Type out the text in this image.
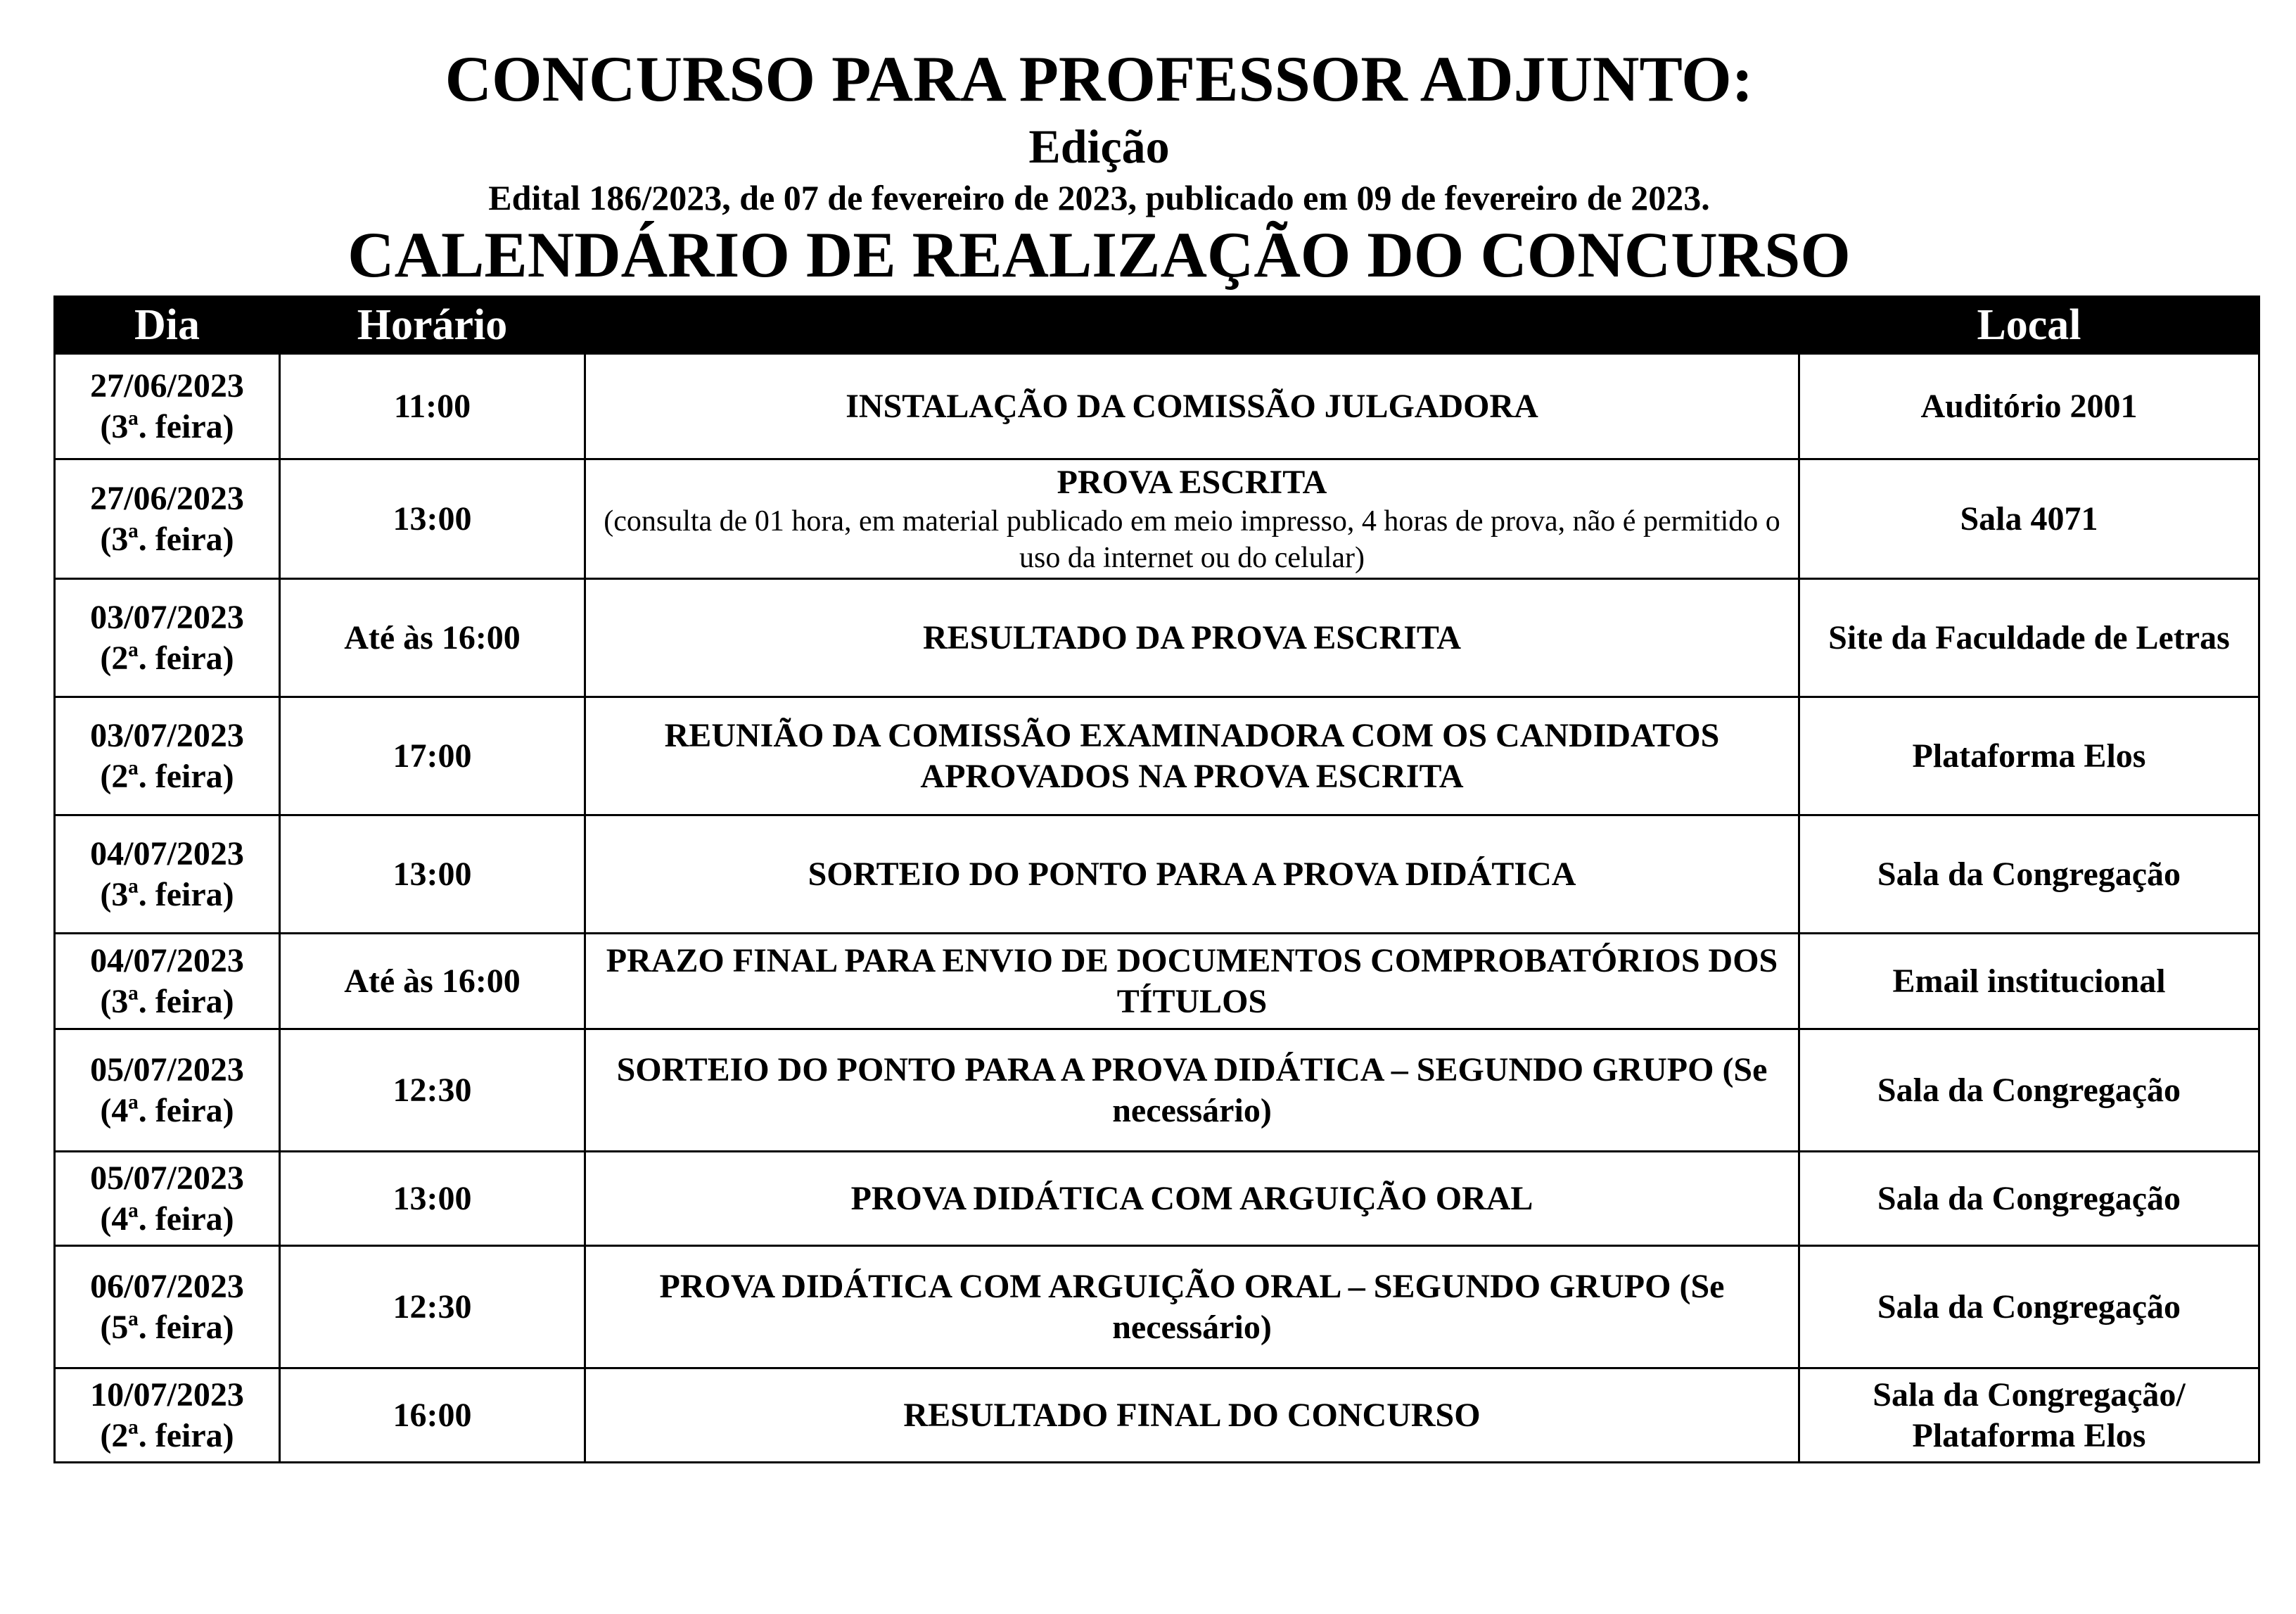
CONCURSO PARA PROFESSOR ADJUNTO:
Edição
Edital 186/2023, de 07 de fevereiro de 2023, publicado em 09 de fevereiro de 2023.
CALENDÁRIO DE REALIZAÇÃO DO CONCURSO
Dia	Horário		Local

27/06/2023
(3ª. feira)	11:00	INSTALAÇÃO DA COMISSÃO JULGADORA	Auditório 2001

27/06/2023
(3ª. feira)	13:00	PROVA ESCRITA
(consulta de 01 hora, em material publicado em meio impresso, 4 horas de prova, não é permitido o uso da internet ou do celular)	Sala 4071

03/07/2023
(2ª. feira)	Até às 16:00	RESULTADO DA PROVA ESCRITA	Site da Faculdade de Letras

03/07/2023
(2ª. feira)	17:00	REUNIÃO DA COMISSÃO EXAMINADORA COM OS CANDIDATOS APROVADOS NA PROVA ESCRITA	Plataforma Elos

04/07/2023
(3ª. feira)	13:00	SORTEIO DO PONTO PARA A PROVA DIDÁTICA	Sala da Congregação

04/07/2023
(3ª. feira)	Até às 16:00	PRAZO FINAL PARA ENVIO DE DOCUMENTOS COMPROBATÓRIOS DOS TÍTULOS	Email institucional

05/07/2023
(4ª. feira)	12:30	SORTEIO DO PONTO PARA A PROVA DIDÁTICA – SEGUNDO GRUPO (Se necessário)	Sala da Congregação

05/07/2023
(4ª. feira)	13:00	PROVA DIDÁTICA COM ARGUIÇÃO ORAL	Sala da Congregação

06/07/2023
(5ª. feira)	12:30	PROVA DIDÁTICA COM ARGUIÇÃO ORAL – SEGUNDO GRUPO (Se necessário)	Sala da Congregação

10/07/2023
(2ª. feira)	16:00	RESULTADO FINAL DO CONCURSO	Sala da Congregação/ Plataforma Elos
